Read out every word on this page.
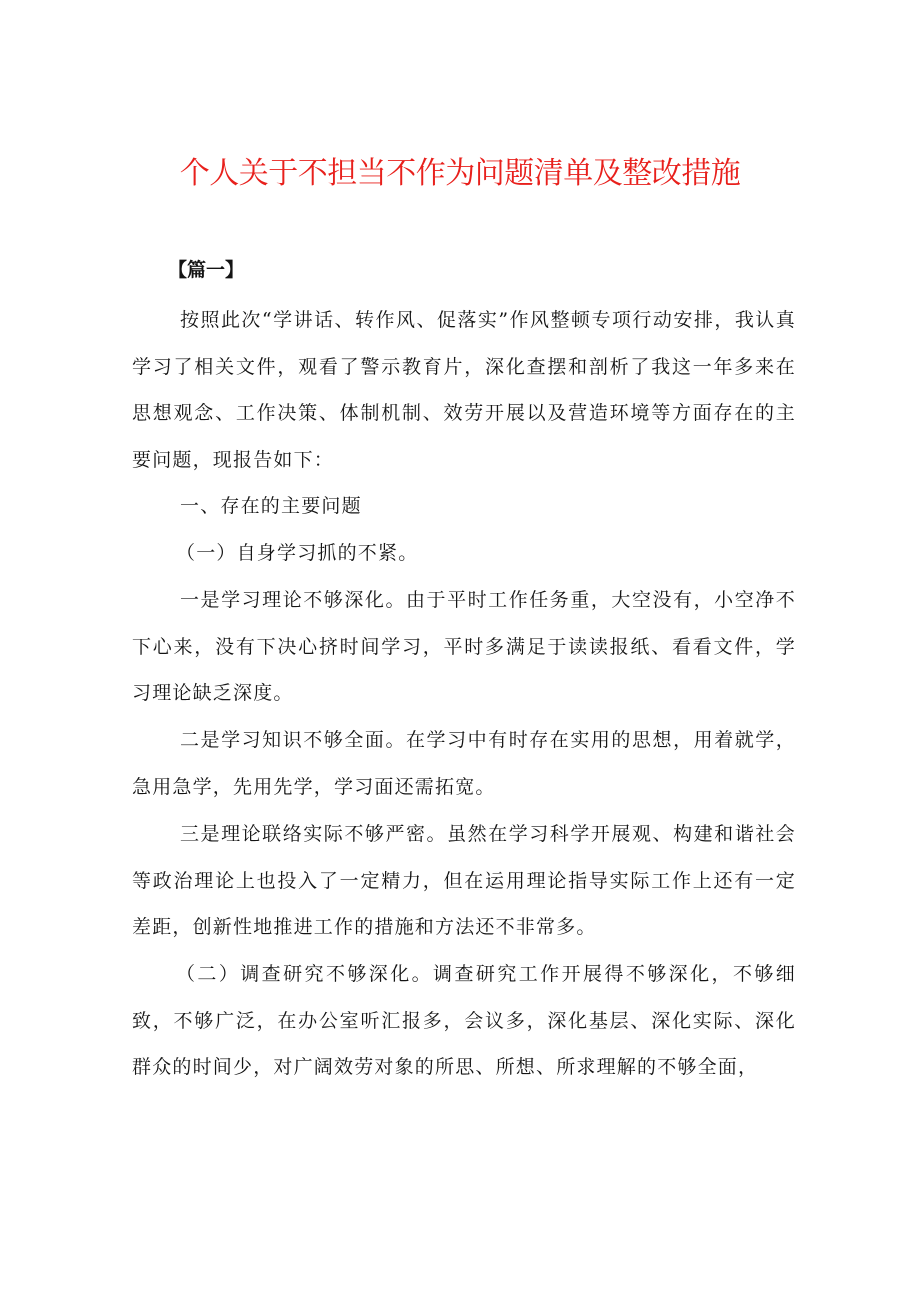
个人关于不担当不作为问题清单及整改措施
【篇一】

按照此次“学讲话、转作风、促落实”作风整顿专项行动安排，我认真学习了相关文件，观看了警示教育片，深化查摆和剖析了我这一年多来在思想观念、工作决策、体制机制、效劳开展以及营造环境等方面存在的主要问题，现报告如下：

一、存在的主要问题

（一）自身学习抓的不紧。

一是学习理论不够深化。由于平时工作任务重，大空没有，小空净不下心来，没有下决心挤时间学习，平时多满足于读读报纸、看看文件，学习理论缺乏深度。

二是学习知识不够全面。在学习中有时存在实用的思想，用着就学，急用急学，先用先学，学习面还需拓宽。

三是理论联络实际不够严密。虽然在学习科学开展观、构建和谐社会等政治理论上也投入了一定精力，但在运用理论指导实际工作上还有一定差距，创新性地推进工作的措施和方法还不非常多。

（二）调查研究不够深化。调查研究工作开展得不够深化，不够细致，不够广泛，在办公室听汇报多，会议多，深化基层、深化实际、深化群众的时间少，对广阔效劳对象的所思、所想、所求理解的不够全面，
